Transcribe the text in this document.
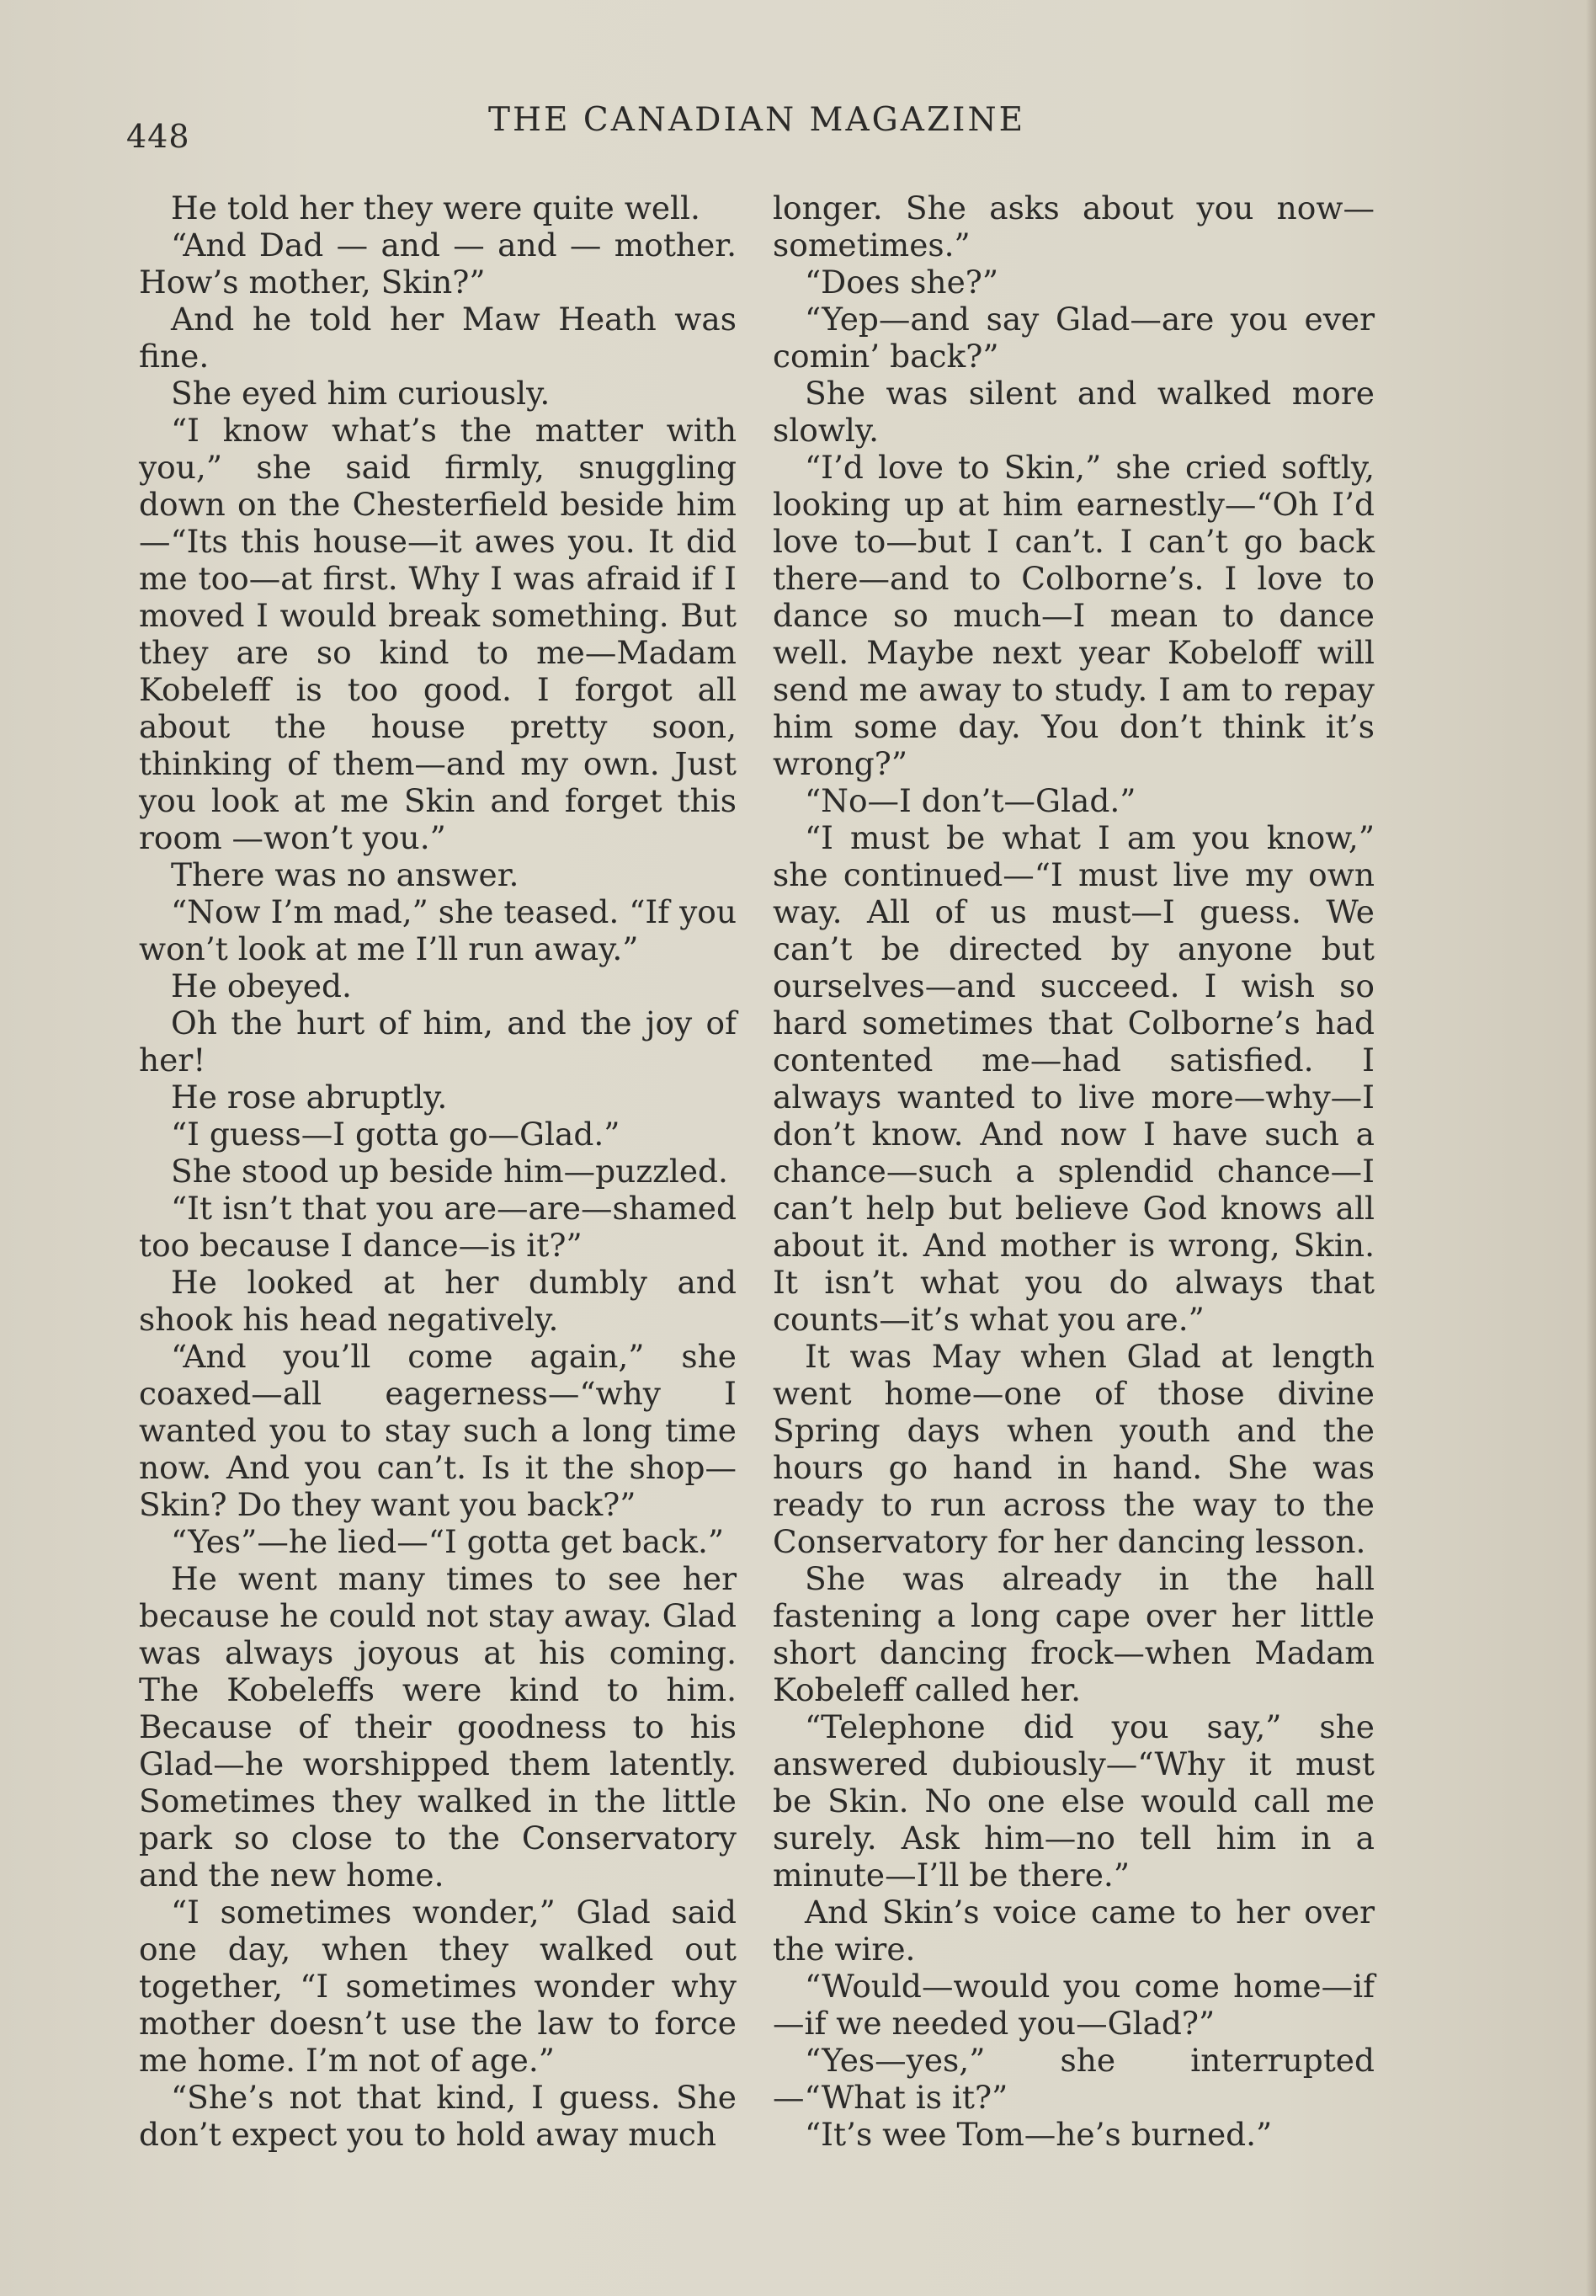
448	THE CANADIAN MAGAZINE

He told her they were quite well.

“And Dad — and — and — mother. How’s mother, Skin?”

And he told her Maw Heath was fine.

She eyed him curiously.

“I know what’s the matter with you,” she said firmly, snuggling down on the Chesterfield beside him—“Its this house—it awes you. It did me too—at first. Why I was afraid if I moved I would break something. But they are so kind to me—Madam Kobeleff is too good. I forgot all about the house pretty soon, thinking of them—and my own. Just you look at me Skin and forget this room —won’t you.”

There was no answer.

“Now I’m mad,” she teased. “If you won’t look at me I’ll run away.”

He obeyed.

Oh the hurt of him, and the joy of her!

He rose abruptly.

“I guess—I gotta go—Glad.”

She stood up beside him—puzzled.

“It isn’t that you are—are—shamed too because I dance—is it?”

He looked at her dumbly and shook his head negatively.

“And you’ll come again,” she coaxed—all eagerness—“why I wanted you to stay such a long time now. And you can’t. Is it the shop—Skin? Do they want you back?”

“Yes”—he lied—“I gotta get back.”

He went many times to see her because he could not stay away. Glad was always joyous at his coming. The Kobeleffs were kind to him. Because of their goodness to his Glad—he worshipped them latently. Sometimes they walked in the little park so close to the Conservatory and the new home.

“I sometimes wonder,” Glad said one day, when they walked out together, “I sometimes wonder why mother doesn’t use the law to force me home. I’m not of age.”

“She’s not that kind, I guess. She don’t expect you to hold away much

longer. She asks about you now—sometimes.”

“Does she?”

“Yep—and say Glad—are you ever comin’ back?”

She was silent and walked more slowly.

“I’d love to Skin,” she cried softly, looking up at him earnestly—“Oh I’d love to—but I can’t. I can’t go back there—and to Colborne’s. I love to dance so much—I mean to dance well. Maybe next year Kobeloff will send me away to study. I am to repay him some day. You don’t think it’s wrong?”

“No—I don’t—Glad.”

“I must be what I am you know,” she continued—“I must live my own way. All of us must—I guess. We can’t be directed by anyone but ourselves—and succeed. I wish so hard sometimes that Colborne’s had contented me—had satisfied. I always wanted to live more—why—I don’t know. And now I have such a chance—such a splendid chance—I can’t help but believe God knows all about it. And mother is wrong, Skin. It isn’t what you do always that counts—it’s what you are.”

It was May when Glad at length went home—one of those divine Spring days when youth and the hours go hand in hand. She was ready to run across the way to the Conservatory for her dancing lesson.

She was already in the hall fastening a long cape over her little short dancing frock—when Madam Kobeleff called her.

“Telephone did you say,” she answered dubiously—“Why it must be Skin. No one else would call me surely. Ask him—no tell him in a minute—I’ll be there.”

And Skin’s voice came to her over the wire.

“Would—would you come home—if—if we needed you—Glad?”

“Yes—yes,” she interrupted —“What is it?”

“It’s wee Tom—he’s burned.”
